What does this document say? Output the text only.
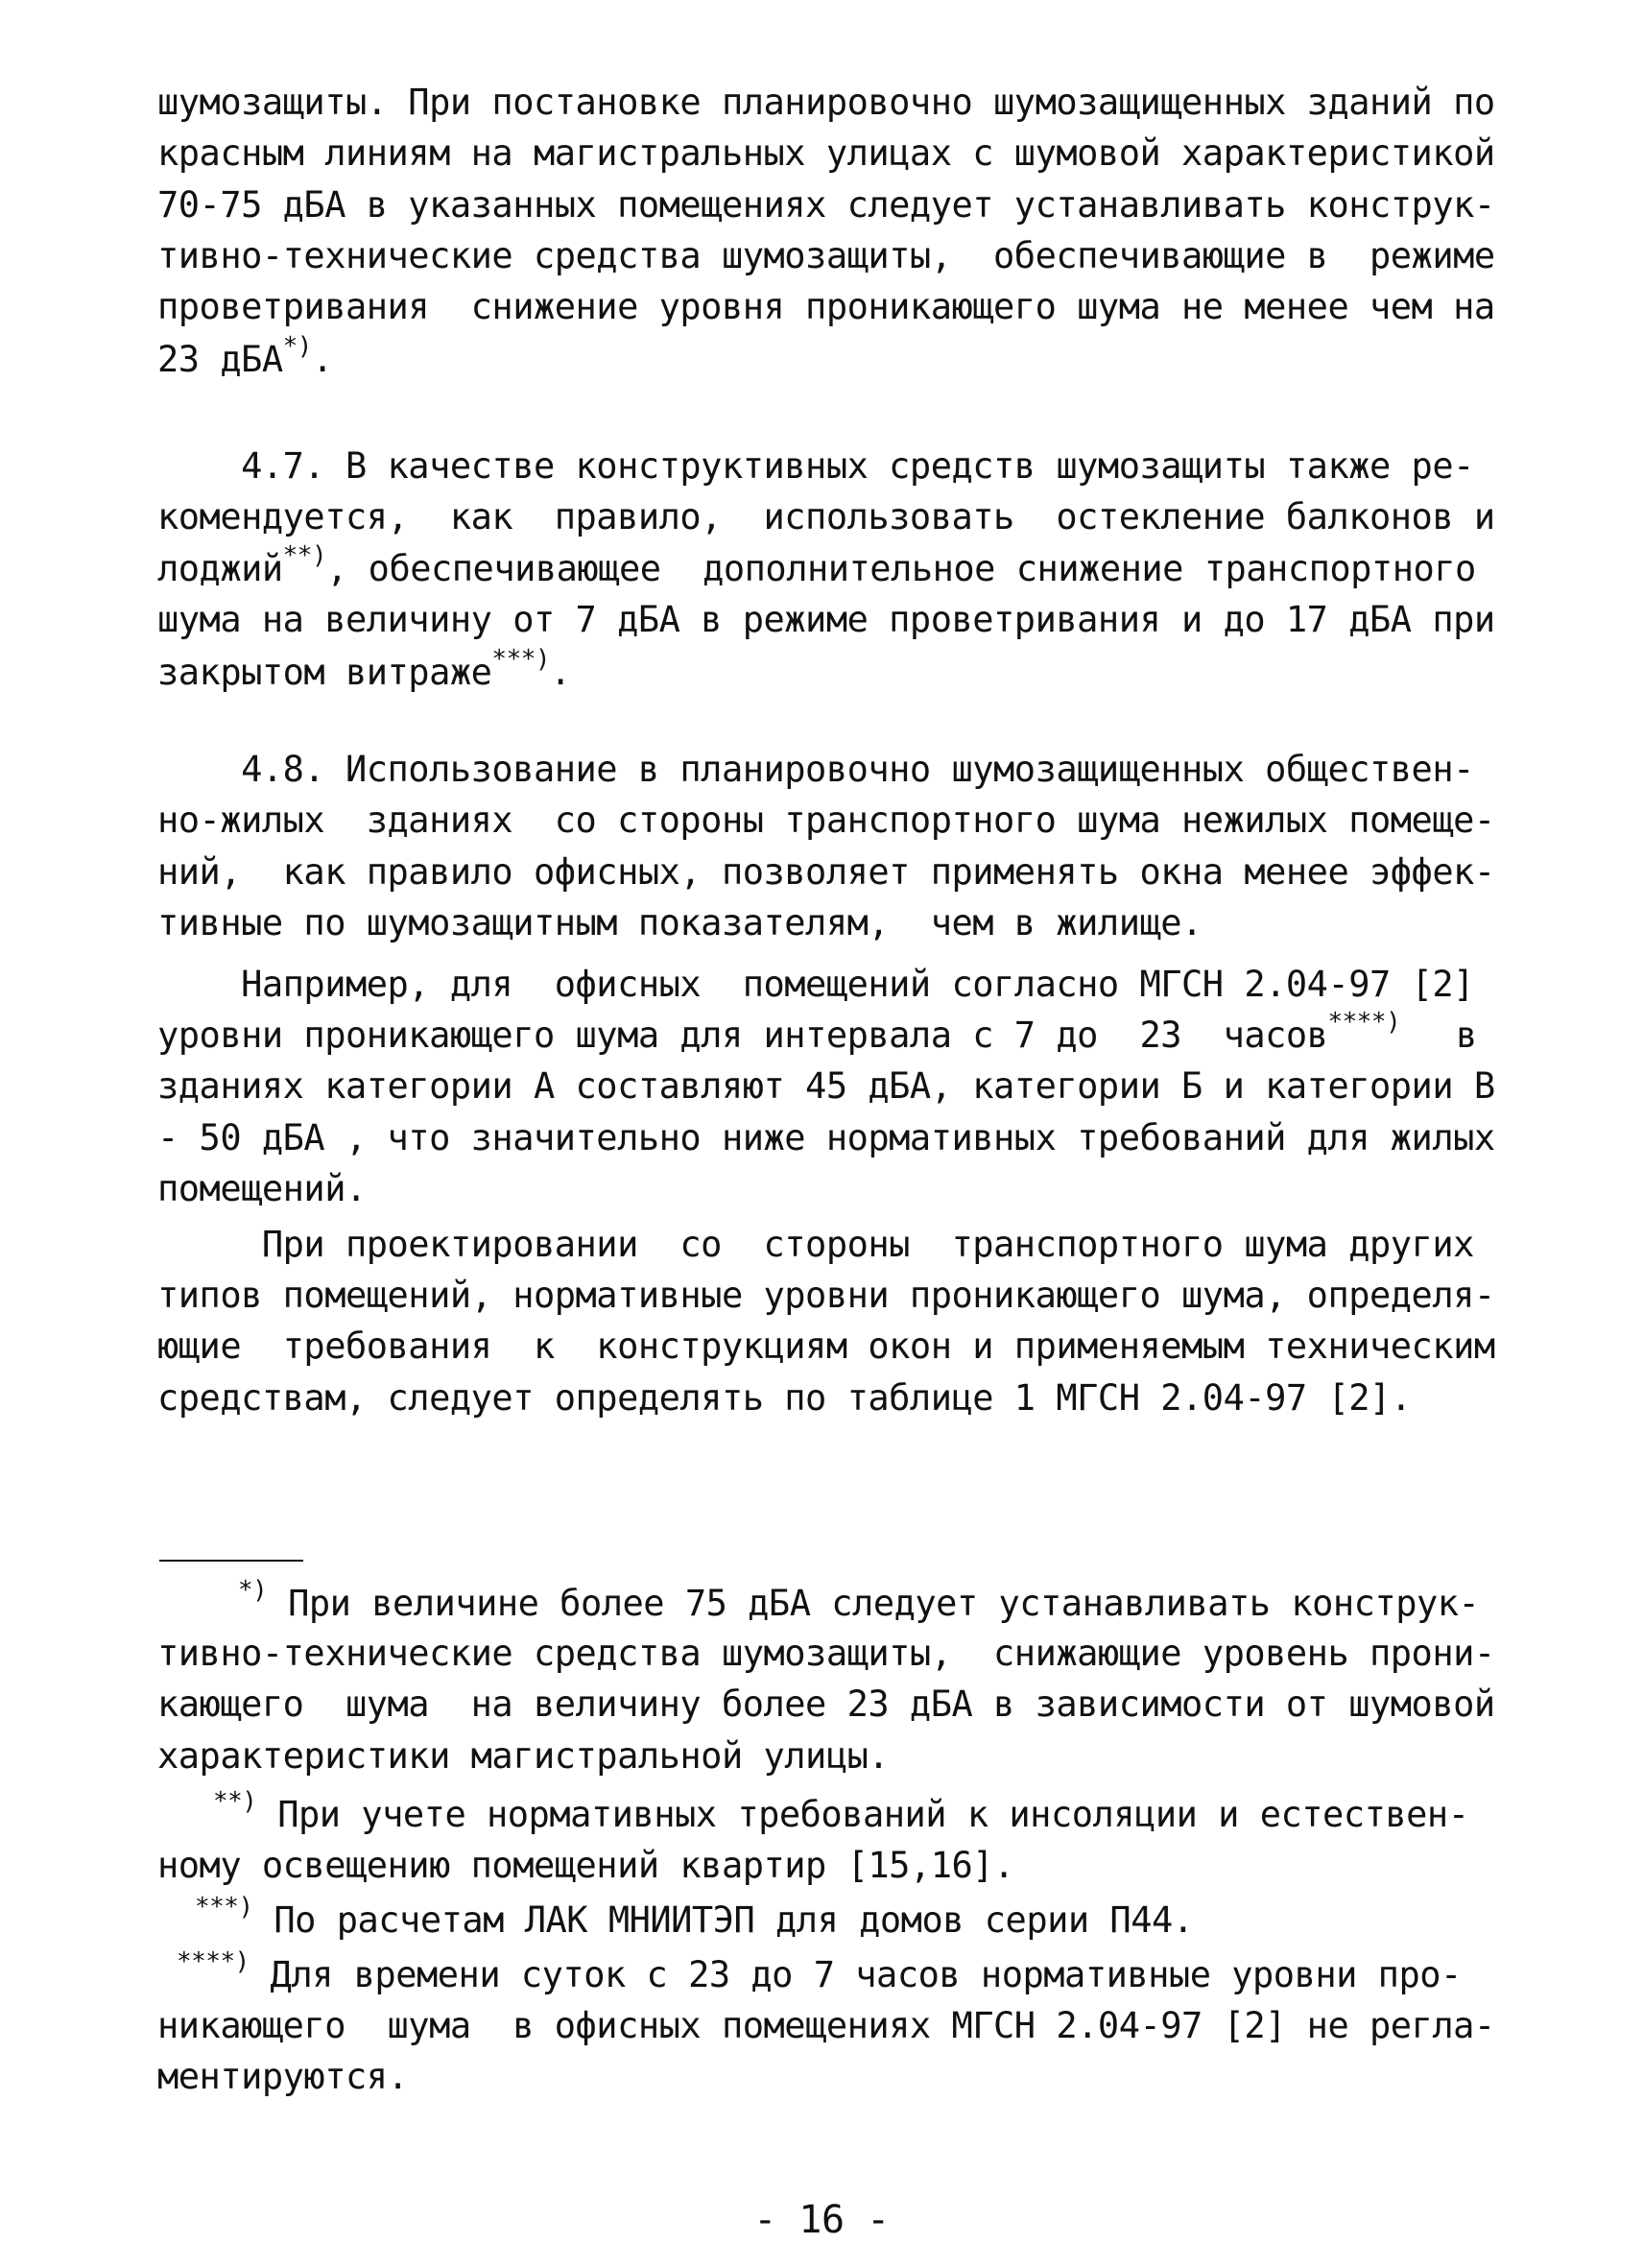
шумозащиты. При постановке планировочно шумозащищенных зданий по
красным линиям на магистральных улицах с шумовой характеристикой
70-75 дБА в указанных помещениях следует устанавливать конструк-
тивно-технические средства шумозащиты,  обеспечивающие в  режиме
проветривания  снижение уровня проникающего шума не менее чем на
23 дБА*).
4.7. В качестве конструктивных средств шумозащиты также ре-
комендуется,  как  правило,  использовать  остекление балконов и
лоджий**), обеспечивающее  дополнительное снижение транспортного
шума на величину от 7 дБА в режиме проветривания и до 17 дБА при
закрытом витраже***).
4.8. Использование в планировочно шумозащищенных обществен-
но-жилых  зданиях  со стороны транспортного шума нежилых помеще-
ний,  как правило офисных, позволяет применять окна менее эффек-
тивные по шумозащитным показателям,  чем в жилище.
Например, для  офисных  помещений согласно МГСН 2.04-97 [2]
уровни проникающего шума для интервала с 7 до  23  часов****) в
зданиях категории А составляют 45 дБА, категории Б и категории В
- 50 дБА , что значительно ниже нормативных требований для жилых
помещений.
При проектировании  со  стороны  транспортного шума других
типов помещений, нормативные уровни проникающего шума, определя-
ющие  требования  к  конструкциям окон и применяемым техническим
средствам, следует определять по таблице 1 МГСН 2.04-97 [2].
*) При величине более 75 дБА следует устанавливать конструк-
тивно-технические средства шумозащиты,  снижающие уровень прони-
кающего  шума  на величину более 23 дБА в зависимости от шумовой
характеристики магистральной улицы.
**) При учете нормативных требований к инсоляции и естествен-
ному освещению помещений квартир [15,16].
***) По расчетам ЛАК МНИИТЭП для домов серии П44.
****) Для времени суток с 23 до 7 часов нормативные уровни про-
никающего  шума  в офисных помещениях МГСН 2.04-97 [2] не регла-
ментируются.
- 16 -
